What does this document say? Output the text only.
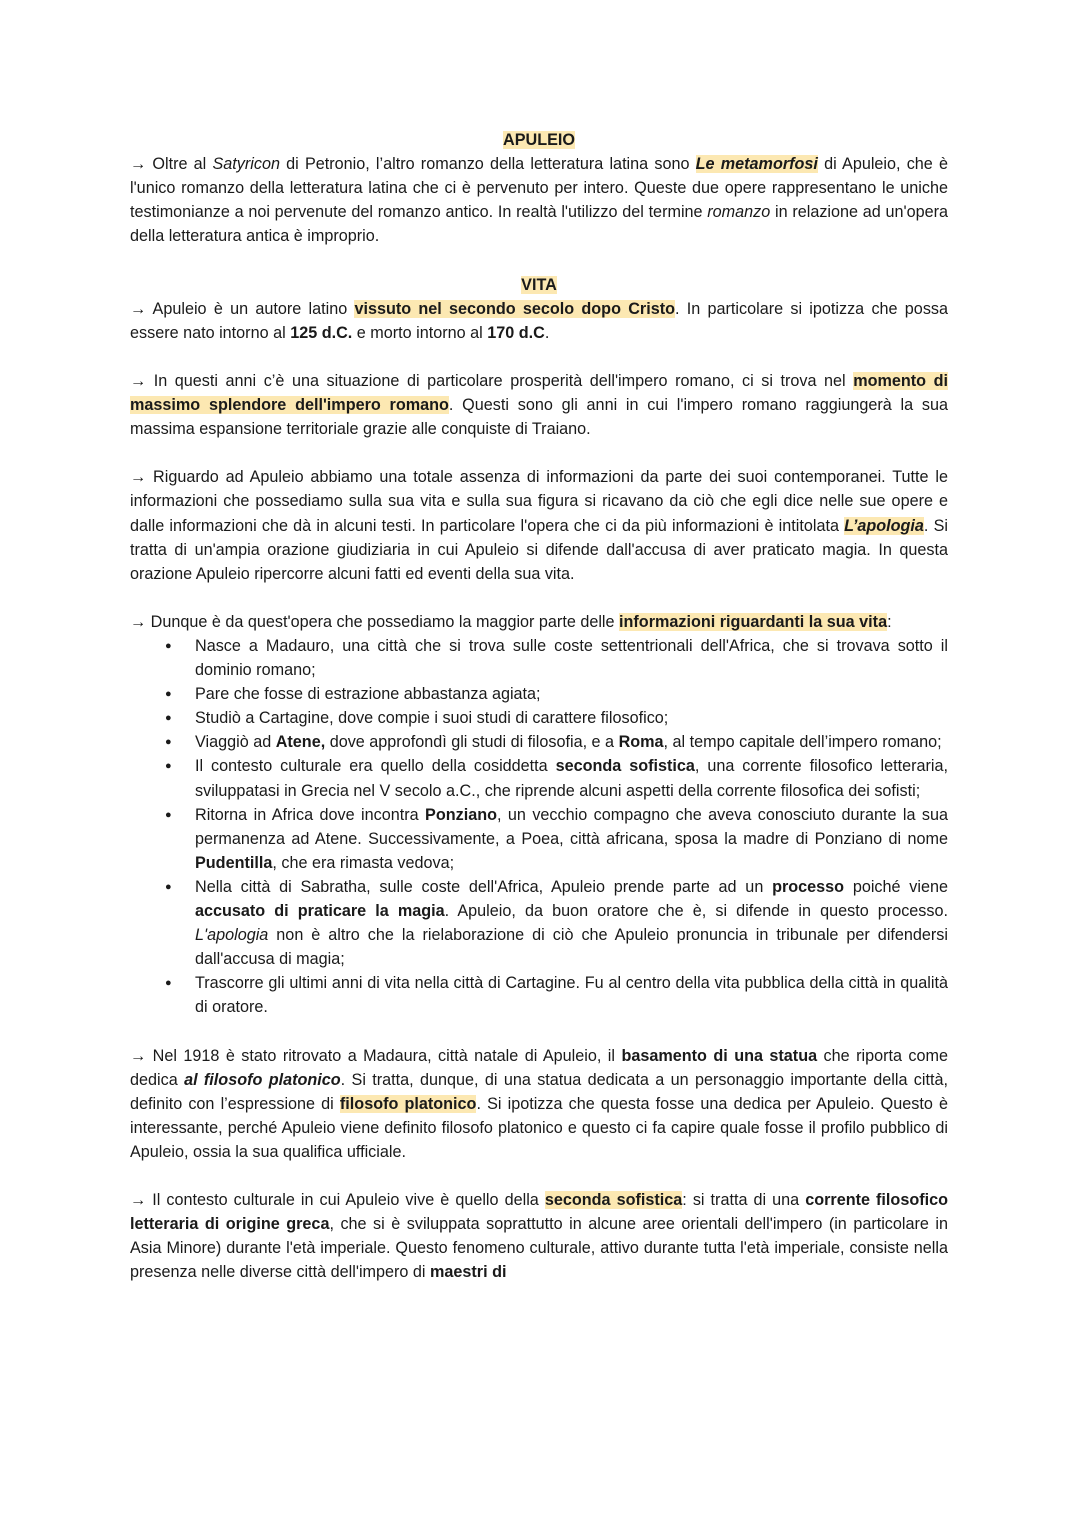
APULEIO

→ Oltre al Satyricon di Petronio, l’altro romanzo della letteratura latina sono Le metamorfosi di Apuleio, che è l'unico romanzo della letteratura latina che ci è pervenuto per intero. Queste due opere rappresentano le uniche testimonianze a noi pervenute del romanzo antico. In realtà l'utilizzo del termine romanzo in relazione ad un'opera della letteratura antica è improprio.

VITA

→ Apuleio è un autore latino vissuto nel secondo secolo dopo Cristo. In particolare si ipotizza che possa essere nato intorno al 125 d.C. e morto intorno al 170 d.C.

→ In questi anni c’è una situazione di particolare prosperità dell'impero romano, ci si trova nel momento di massimo splendore dell'impero romano. Questi sono gli anni in cui l'impero romano raggiungerà la sua massima espansione territoriale grazie alle conquiste di Traiano.

→ Riguardo ad Apuleio abbiamo una totale assenza di informazioni da parte dei suoi contemporanei. Tutte le informazioni che possediamo sulla sua vita e sulla sua figura si ricavano da ciò che egli dice nelle sue opere e dalle informazioni che dà in alcuni testi. In particolare l'opera che ci da più informazioni è intitolata L’apologia. Si tratta di un'ampia orazione giudiziaria in cui Apuleio si difende dall'accusa di aver praticato magia. In questa orazione Apuleio ripercorre alcuni fatti ed eventi della sua vita.

→ Dunque è da quest'opera che possediamo la maggior parte delle informazioni riguardanti la sua vita:

● Nasce a Madauro, una città che si trova sulle coste settentrionali dell'Africa, che si trovava sotto il dominio romano;
● Pare che fosse di estrazione abbastanza agiata;
● Studiò a Cartagine, dove compie i suoi studi di carattere filosofico;
● Viaggiò ad Atene, dove approfondì gli studi di filosofia, e a Roma, al tempo capitale dell’impero romano;
● Il contesto culturale era quello della cosiddetta seconda sofistica, una corrente filosofico letteraria, sviluppatasi in Grecia nel V secolo a.C., che riprende alcuni aspetti della corrente filosofica dei sofisti;
● Ritorna in Africa dove incontra Ponziano, un vecchio compagno che aveva conosciuto durante la sua permanenza ad Atene. Successivamente, a Poea, città africana, sposa la madre di Ponziano di nome Pudentilla, che era rimasta vedova;
● Nella città di Sabratha, sulle coste dell'Africa, Apuleio prende parte ad un processo poiché viene accusato di praticare la magia. Apuleio, da buon oratore che è, si difende in questo processo. L'apologia non è altro che la rielaborazione di ciò che Apuleio pronuncia in tribunale per difendersi dall'accusa di magia;
● Trascorre gli ultimi anni di vita nella città di Cartagine. Fu al centro della vita pubblica della città in qualità di oratore.

→ Nel 1918 è stato ritrovato a Madaura, città natale di Apuleio, il basamento di una statua che riporta come dedica al filosofo platonico. Si tratta, dunque, di una statua dedicata a un personaggio importante della città, definito con l’espressione di filosofo platonico. Si ipotizza che questa fosse una dedica per Apuleio. Questo è interessante, perché Apuleio viene definito filosofo platonico e questo ci fa capire quale fosse il profilo pubblico di Apuleio, ossia la sua qualifica ufficiale.

→ Il contesto culturale in cui Apuleio vive è quello della seconda sofistica: si tratta di una corrente filosofico letteraria di origine greca, che si è sviluppata soprattutto in alcune aree orientali dell'impero (in particolare in Asia Minore) durante l'età imperiale. Questo fenomeno culturale, attivo durante tutta l'età imperiale, consiste nella presenza nelle diverse città dell'impero di maestri di
